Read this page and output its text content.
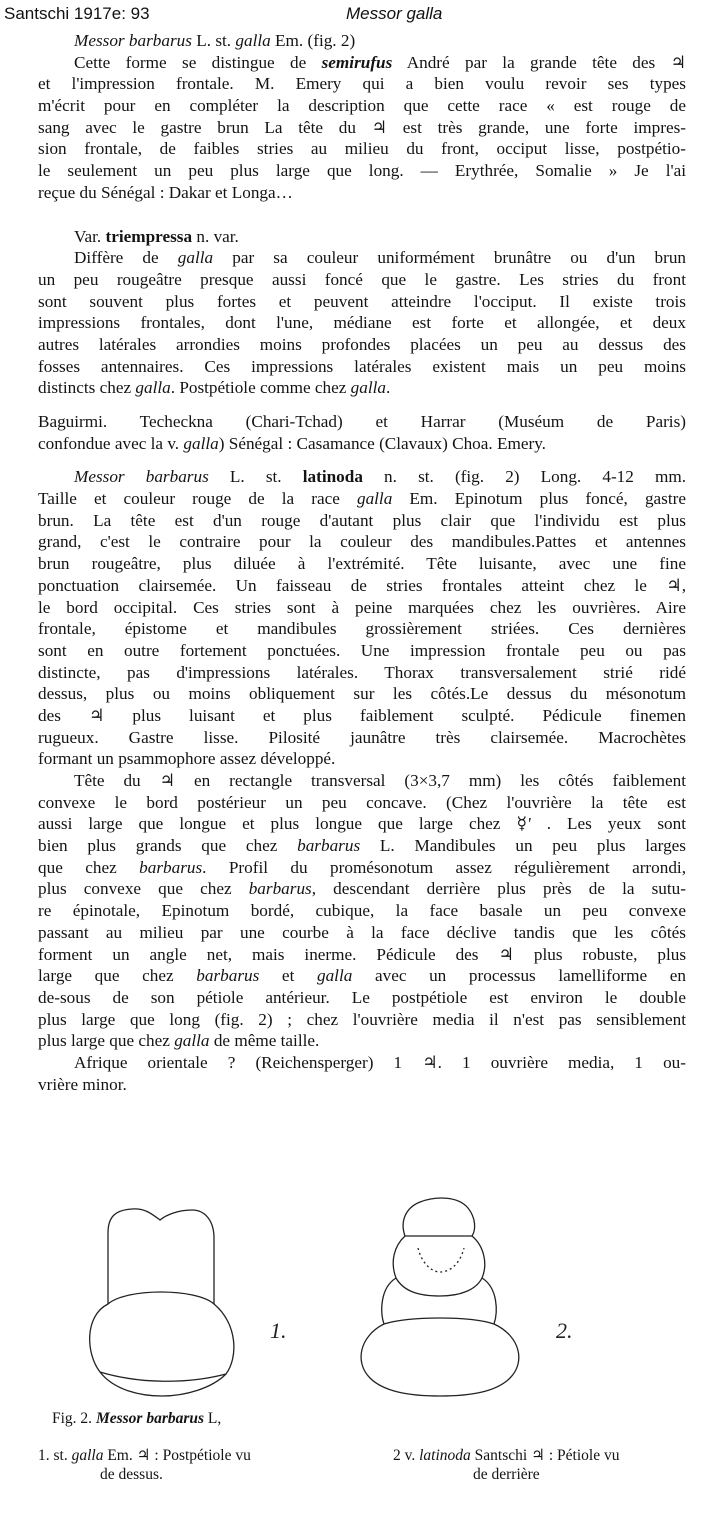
Santschi 1917e: 93	Messor galla
Messor barbarus L. st. galla Em. (fig. 2)
Cette forme se distingue de semirufus André par la grande tête des ♃
et l'impression frontale. M. Emery qui a bien voulu revoir ses types
m'écrit pour en compléter la description que cette race « est rouge de
sang avec le gastre brun La tête du ♃ est très grande, une forte impres-
sion frontale, de faibles stries au milieu du front, occiput lisse, postpétio-
le seulement un peu plus large que long. — Erythrée, Somalie » Je l'ai
reçue du Sénégal : Dakar et Longa…
Var. triempressa n. var.
Diffère de galla par sa couleur uniformément brunâtre ou d'un brun
un peu rougeâtre presque aussi foncé que le gastre. Les stries du front
sont souvent plus fortes et peuvent atteindre l'occiput. Il existe trois
impressions frontales, dont l'une, médiane est forte et allongée, et deux
autres latérales arrondies moins profondes placées un peu au dessus des
fosses antennaires. Ces impressions latérales existent mais un peu moins
distincts chez galla. Postpétiole comme chez galla.
Baguirmi. Techeckna (Chari-Tchad) et Harrar (Muséum de Paris)
confondue avec la v. galla) Sénégal : Casamance (Clavaux) Choa. Emery.
Messor barbarus L. st. latinoda n. st. (fig. 2) Long. 4-12 mm.
Taille et couleur rouge de la race galla Em. Epinotum plus foncé, gastre
brun. La tête est d'un rouge d'autant plus clair que l'individu est plus
grand, c'est le contraire pour la couleur des mandibules.Pattes et antennes
brun rougeâtre, plus diluée à l'extrémité. Tête luisante, avec une fine
ponctuation clairsemée. Un faisseau de stries frontales atteint chez le ♃,
le bord occipital. Ces stries sont à peine marquées chez les ouvrières. Aire
frontale, épistome et mandibules grossièrement striées. Ces dernières
sont en outre fortement ponctuées. Une impression frontale peu ou pas
distincte, pas d'impressions latérales. Thorax transversalement strié ridé
dessus, plus ou moins obliquement sur les côtés.Le dessus du mésonotum
des ♃ plus luisant et plus faiblement sculpté. Pédicule finemen
rugueux. Gastre lisse. Pilosité jaunâtre très clairsemée. Macrochètes
formant un psammophore assez développé.
Tête du ♃ en rectangle transversal (3×3,7 mm) les côtés faiblement
convexe le bord postérieur un peu concave. (Chez l'ouvrière la tête est
aussi large que longue et plus longue que large chez ☿' . Les yeux sont
bien plus grands que chez barbarus L. Mandibules un peu plus larges
que chez barbarus. Profil du promésonotum assez régulièrement arrondi,
plus convexe que chez barbarus, descendant derrière plus près de la sutu-
re épinotale, Epinotum bordé, cubique, la face basale un peu convexe
passant au milieu par une courbe à la face déclive tandis que les côtés
forment un angle net, mais inerme. Pédicule des ♃ plus robuste, plus
large que chez barbarus et galla avec un processus lamelliforme en
de-sous de son pétiole antérieur. Le postpétiole est environ le double
plus large que long (fig. 2) ; chez l'ouvrière media il n'est pas sensiblement
plus large que chez galla de même taille.
Afrique orientale ? (Reichensperger) 1 ♃. 1 ouvrière media, 1 ou-
vrière minor.
1.	2.
Fig. 2. Messor barbarus L,
1. st. galla Em. ♃ : Postpétiole vu
de dessus.
2 v. latinoda Santschi ♃ : Pétiole vu
de derrière
